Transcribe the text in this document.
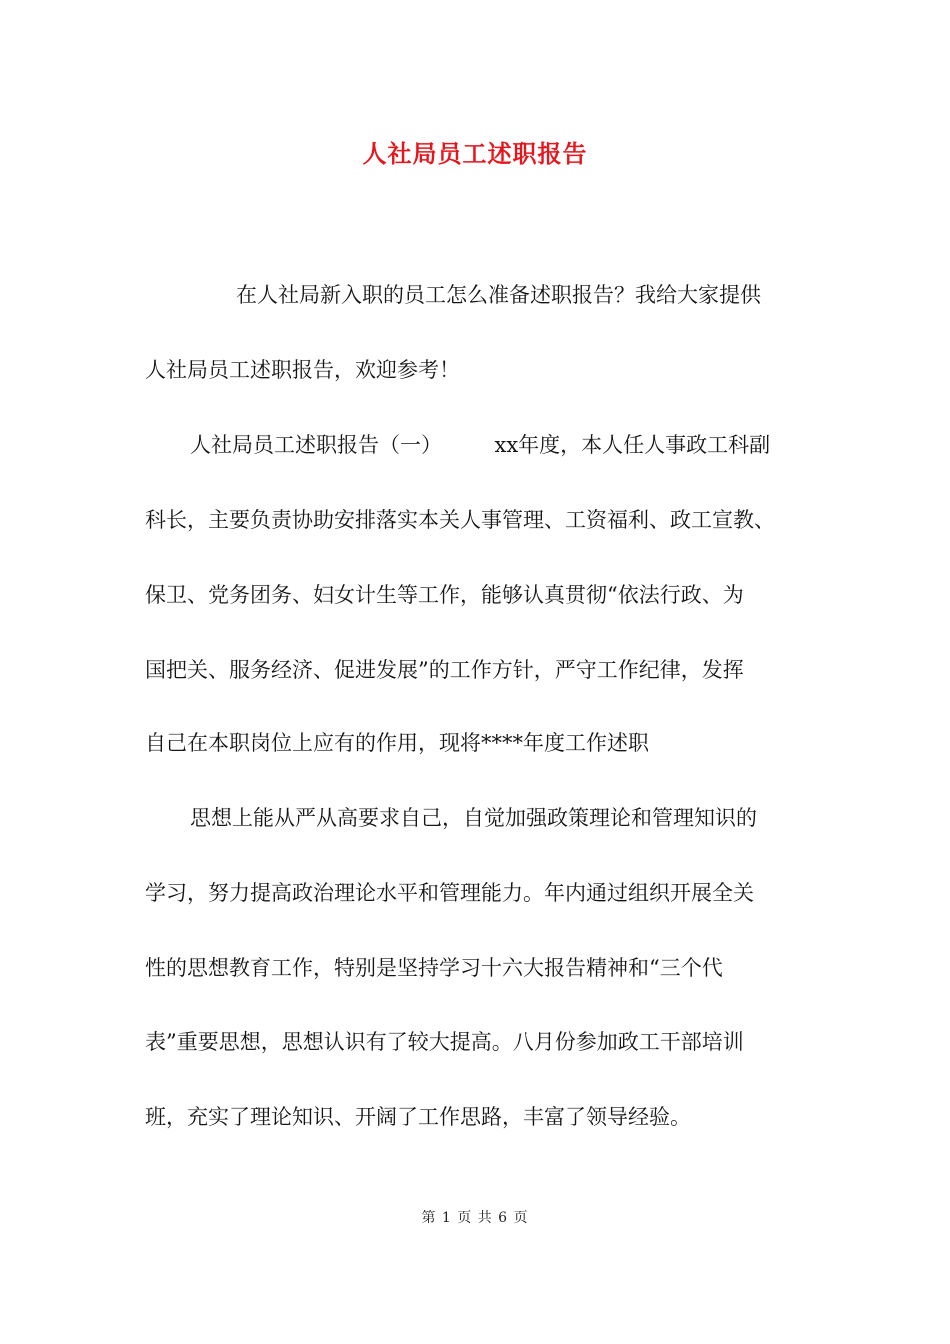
人社局员工述职报告
在人社局新入职的员工怎么准备述职报告？我给大家提供
人社局员工述职报告，欢迎参考！
人社局员工述职报告（一）　　　xx年度，本人任人事政工科副
科长，主要负责协助安排落实本关人事管理、工资福利、政工宣教、
保卫、党务团务、妇女计生等工作，能够认真贯彻“依法行政、为
国把关、服务经济、促进发展”的工作方针，严守工作纪律，发挥
自己在本职岗位上应有的作用，现将****年度工作述职
思想上能从严从高要求自己，自觉加强政策理论和管理知识的
学习，努力提高政治理论水平和管理能力。年内通过组织开展全关
性的思想教育工作，特别是坚持学习十六大报告精神和“三个代
表”重要思想，思想认识有了较大提高。八月份参加政工干部培训
班，充实了理论知识、开阔了工作思路，丰富了领导经验。
第 1 页 共 6 页
